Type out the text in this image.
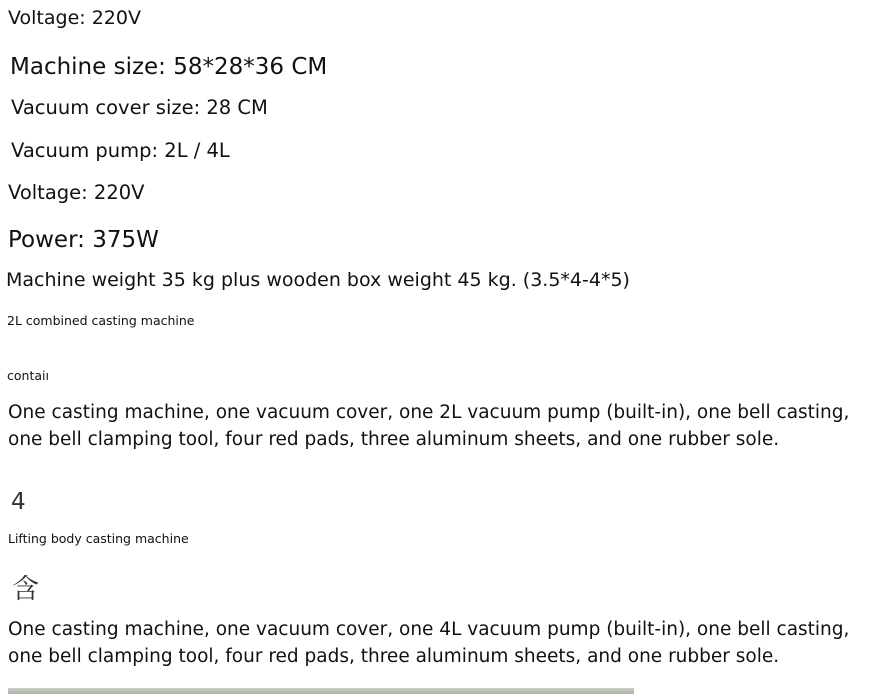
Voltage: 220V
Machine size: 58*28*36 CM
Vacuum cover size: 28 CM
Vacuum pump: 2L / 4L
Voltage: 220V
Power: 375W
Machine weight 35 kg plus wooden box weight 45 kg. (3.5*4-4*5)
2L combined casting machine
contaiı
One casting machine, one vacuum cover, one 2L vacuum pump (built-in), one bell casting, one bell clamping tool, four red pads, three aluminum sheets, and one rubber sole.
4
Lifting body casting machine
含
One casting machine, one vacuum cover, one 4L vacuum pump (built-in), one bell casting, one bell clamping tool, four red pads, three aluminum sheets, and one rubber sole.
